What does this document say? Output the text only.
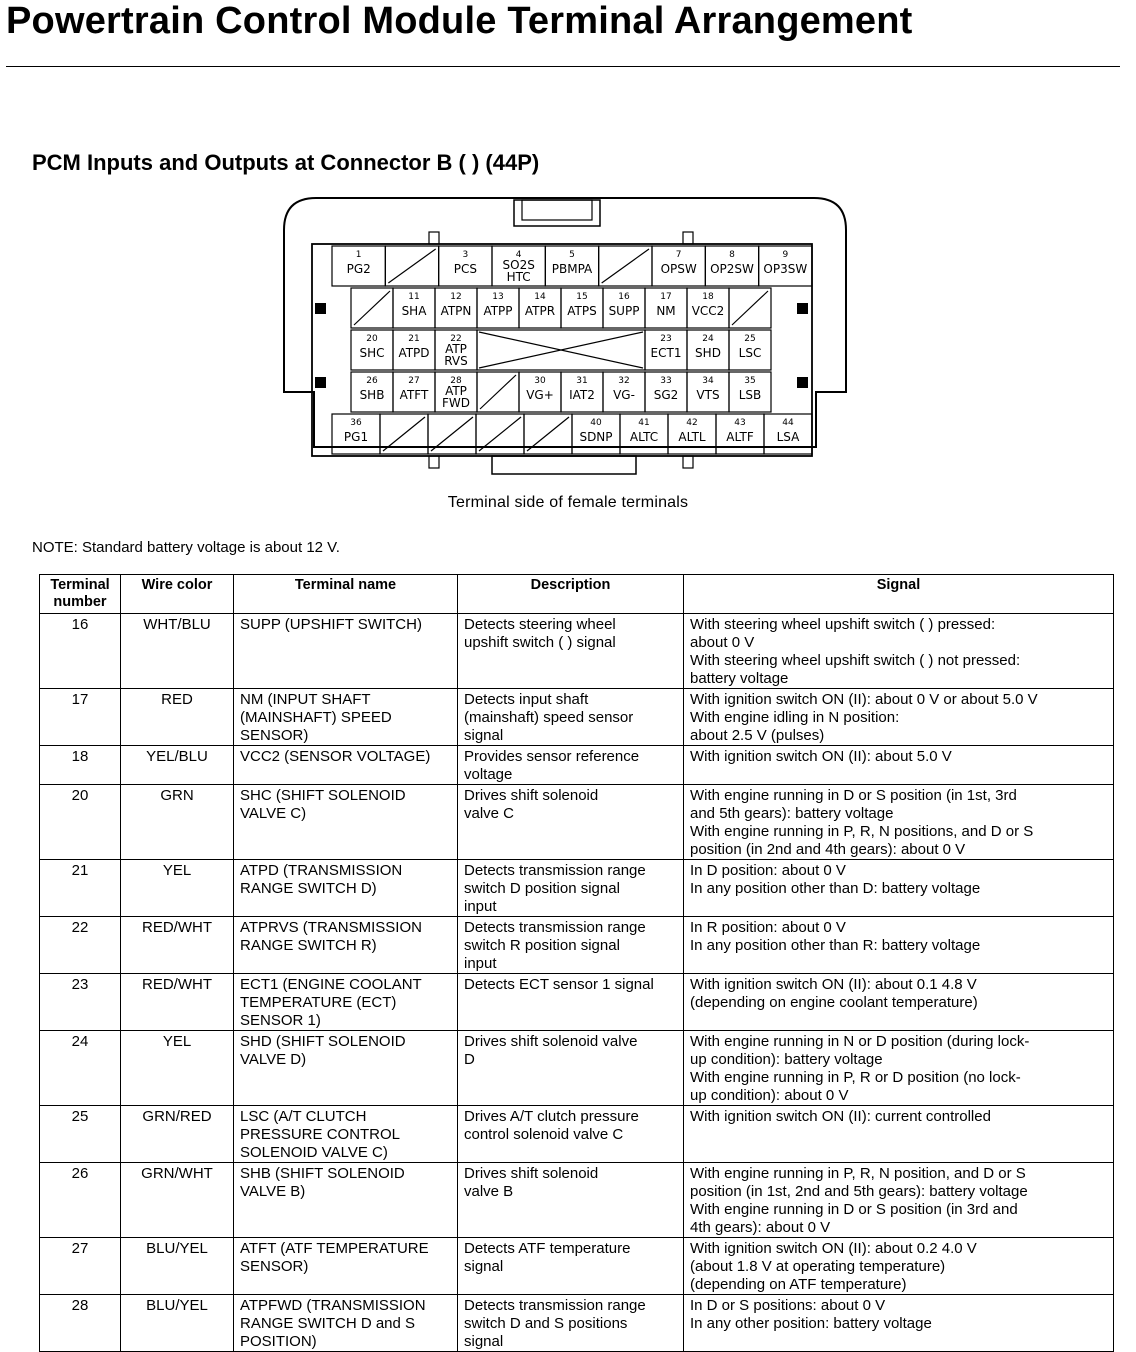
Powertrain Control Module Terminal Arrangement
PCM Inputs and Outputs at Connector B ( ) (44P)
1
PG2
3
PCS
4
SO2S
HTC
5
PBMPA
7
OPSW
8
OP2SW
9
OP3SW
11
SHA
12
ATPN
13
ATPP
14
ATPR
15
ATPS
16
SUPP
17
NM
18
VCC2
20
SHC
21
ATPD
22
ATP
RVS
23
ECT1
24
SHD
25
LSC
26
SHB
27
ATFT
28
ATP
FWD
30
VG+
31
IAT2
32
VG-
33
SG2
34
VTS
35
LSB
36
PG1
40
SDNP
41
ALTC
42
ALTL
43
ALTF
44
LSA
Terminal side of female terminals
NOTE: Standard battery voltage is about 12 V.
Terminal
number	Wire color	Terminal name	Description	Signal
16	WHT/BLU	SUPP (UPSHIFT SWITCH)	Detects steering wheel
upshift switch ( ) signal	With steering wheel upshift switch ( ) pressed:
about 0 V
With steering wheel upshift switch ( ) not pressed:
battery voltage

17	RED	NM (INPUT SHAFT
(MAINSHAFT) SPEED
SENSOR)	Detects input shaft
(mainshaft) speed sensor
signal	With ignition switch ON (II): about 0 V or about 5.0 V
With engine idling in N position:
about 2.5 V (pulses)

18	YEL/BLU	VCC2 (SENSOR VOLTAGE)	Provides sensor reference
voltage	With ignition switch ON (II): about 5.0 V

20	GRN	SHC (SHIFT SOLENOID
VALVE C)	Drives shift solenoid
valve C	With engine running in D or S position (in 1st, 3rd
and 5th gears): battery voltage
With engine running in P, R, N positions, and D or S
position (in 2nd and 4th gears): about 0 V

21	YEL	ATPD (TRANSMISSION
RANGE SWITCH D)	Detects transmission range
switch D position signal
input	In D position: about 0 V
In any position other than D: battery voltage

22	RED/WHT	ATPRVS (TRANSMISSION
RANGE SWITCH R)	Detects transmission range
switch R position signal
input	In R position: about 0 V
In any position other than R: battery voltage

23	RED/WHT	ECT1 (ENGINE COOLANT
TEMPERATURE (ECT)
SENSOR 1)	Detects ECT sensor 1 signal	With ignition switch ON (II): about 0.1 4.8 V
(depending on engine coolant temperature)

24	YEL	SHD (SHIFT SOLENOID
VALVE D)	Drives shift solenoid valve
D	With engine running in N or D position (during lock-
up condition): battery voltage
With engine running in P, R or D position (no lock-
up condition): about 0 V

25	GRN/RED	LSC (A/T CLUTCH
PRESSURE CONTROL
SOLENOID VALVE C)	Drives A/T clutch pressure
control solenoid valve C	With ignition switch ON (II): current controlled

26	GRN/WHT	SHB (SHIFT SOLENOID
VALVE B)	Drives shift solenoid
valve B	With engine running in P, R, N position, and D or S
position (in 1st, 2nd and 5th gears): battery voltage
With engine running in D or S position (in 3rd and
4th gears): about 0 V

27	BLU/YEL	ATFT (ATF TEMPERATURE
SENSOR)	Detects ATF temperature
signal	With ignition switch ON (II): about 0.2 4.0 V
(about 1.8 V at operating temperature)
(depending on ATF temperature)

28	BLU/YEL	ATPFWD (TRANSMISSION
RANGE SWITCH D and S
POSITION)	Detects transmission range
switch D and S positions
signal	In D or S positions: about 0 V
In any other position: battery voltage
